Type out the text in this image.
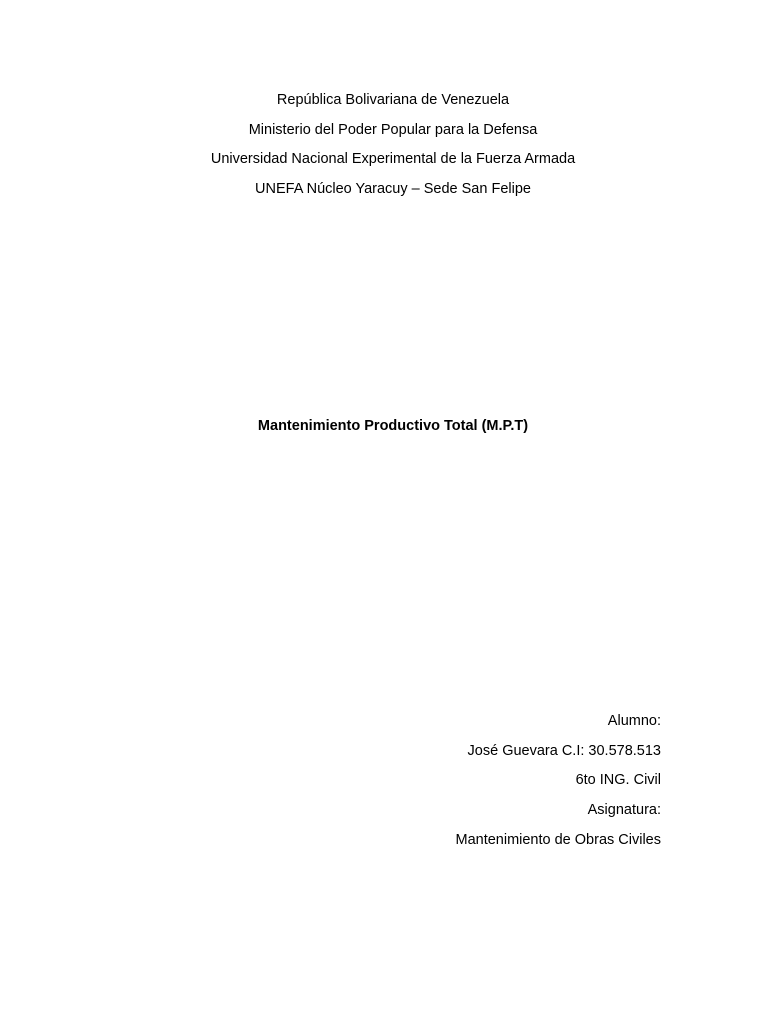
República Bolivariana de Venezuela
Ministerio del Poder Popular para la Defensa
Universidad Nacional Experimental de la Fuerza Armada
UNEFA Núcleo Yaracuy – Sede San Felipe
Mantenimiento Productivo Total (M.P.T)
Alumno:
José Guevara C.I: 30.578.513
6to ING. Civil
Asignatura:
Mantenimiento de Obras Civiles
